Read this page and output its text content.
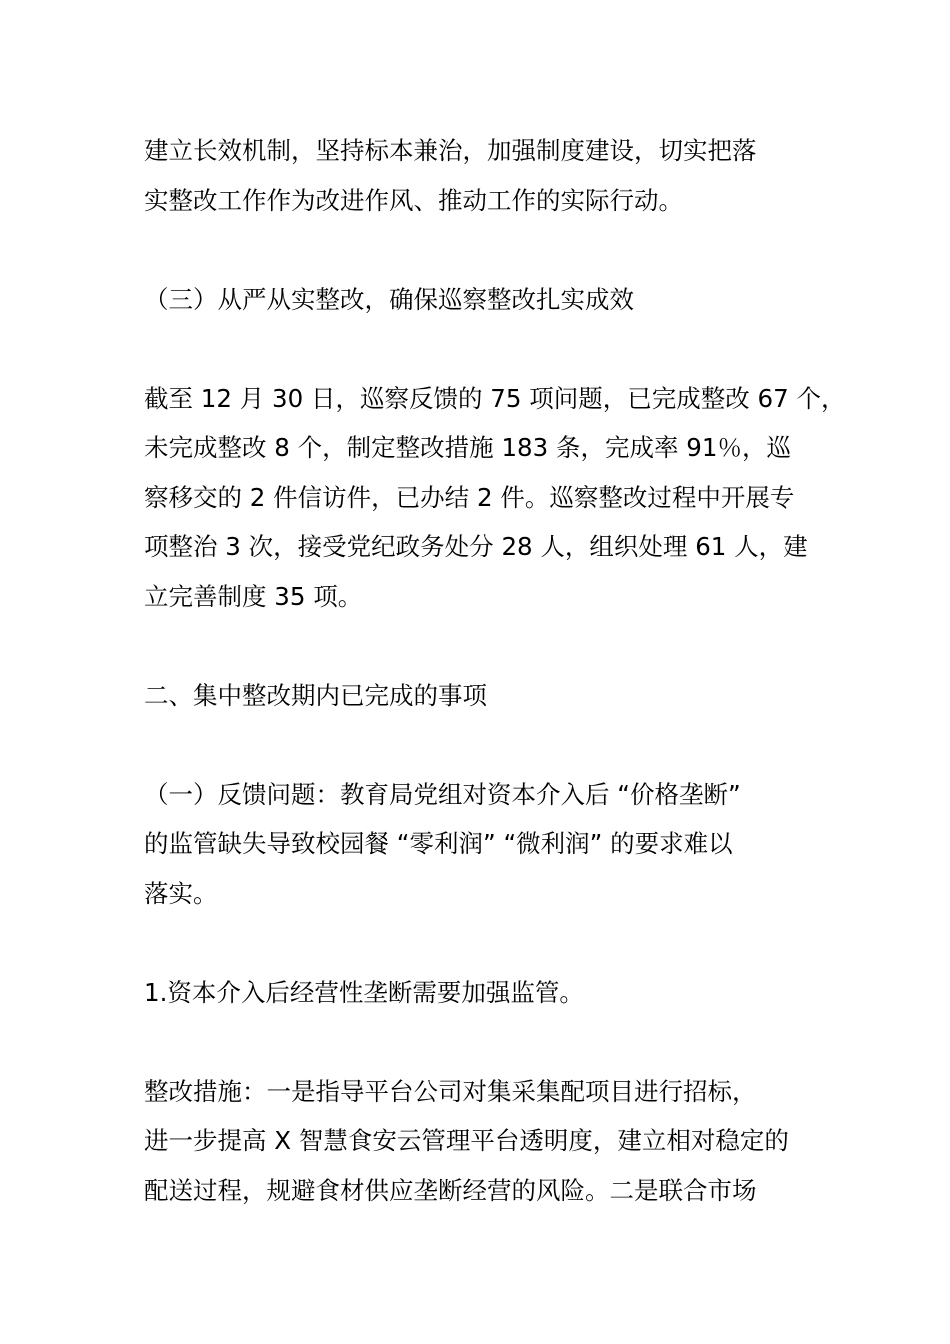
建立长效机制，坚持标本兼治，加强制度建设，切实把落
实整改工作作为改进作风、推动工作的实际行动。

（三）从严从实整改，确保巡察整改扎实成效

截至 12 月 30 日，巡察反馈的 75 项问题，已完成整改 67 个，
未完成整改 8 个，制定整改措施 183 条，完成率 91％，巡
察移交的 2 件信访件，已办结 2 件。巡察整改过程中开展专
项整治 3 次，接受党纪政务处分 28 人，组织处理 61 人，建
立完善制度 35 项。

二、集中整改期内已完成的事项

（一）反馈问题：教育局党组对资本介入后 “价格垄断”
的监管缺失导致校园餐 “零利润” “微利润” 的要求难以
落实。

1.资本介入后经营性垄断需要加强监管。

整改措施：一是指导平台公司对集采集配项目进行招标，
进一步提高 X 智慧食安云管理平台透明度，建立相对稳定的
配送过程，规避食材供应垄断经营的风险。二是联合市场
